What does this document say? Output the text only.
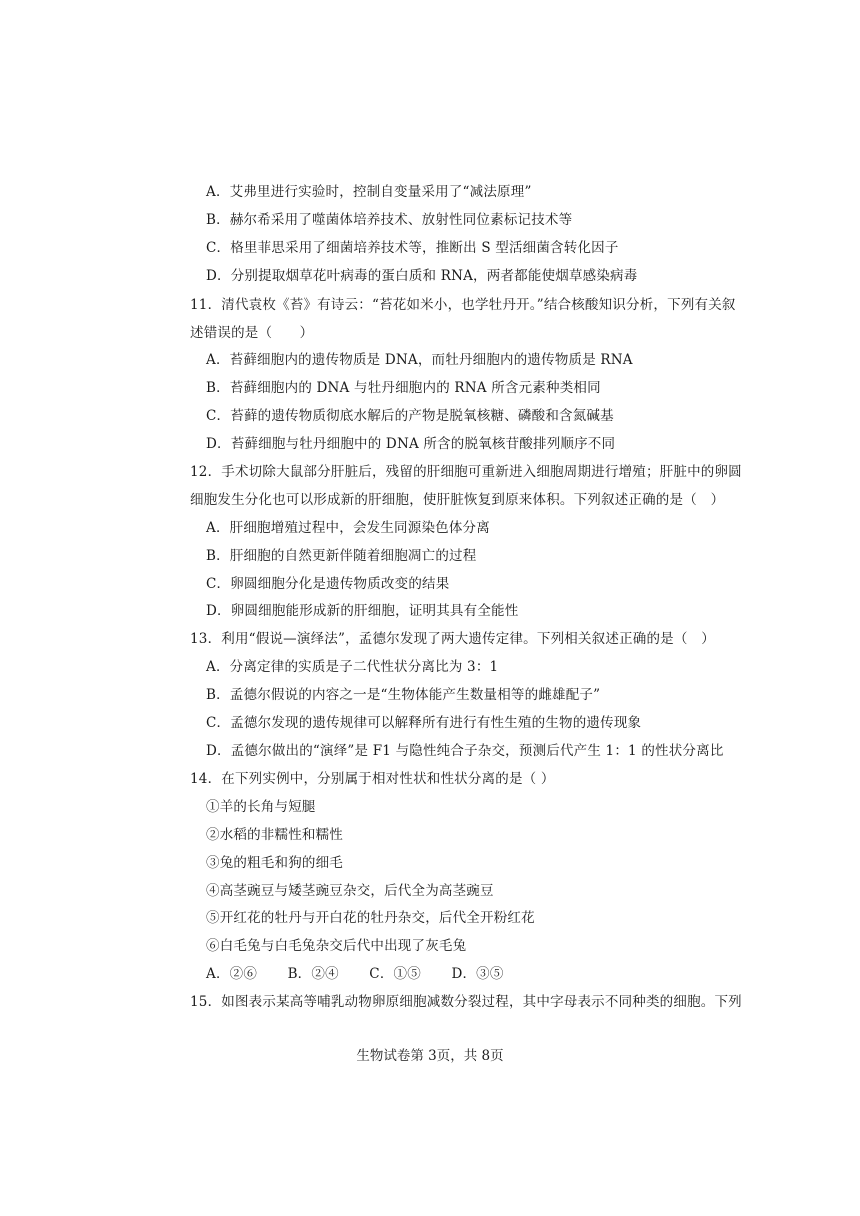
A．艾弗里进行实验时，控制自变量采用了“减法原理”
B．赫尔希采用了噬菌体培养技术、放射性同位素标记技术等
C．格里菲思采用了细菌培养技术等，推断出 S 型活细菌含转化因子
D．分别提取烟草花叶病毒的蛋白质和 RNA，两者都能使烟草感染病毒
11．清代袁枚《苔》有诗云：“苔花如米小，也学牡丹开。”结合核酸知识分析，下列有关叙
述错误的是（　　）
A．苔藓细胞内的遗传物质是 DNA，而牡丹细胞内的遗传物质是 RNA
B．苔藓细胞内的 DNA 与牡丹细胞内的 RNA 所含元素种类相同
C．苔藓的遗传物质彻底水解后的产物是脱氧核糖、磷酸和含氮碱基
D．苔藓细胞与牡丹细胞中的 DNA 所含的脱氧核苷酸排列顺序不同
12．手术切除大鼠部分肝脏后，残留的肝细胞可重新进入细胞周期进行增殖；肝脏中的卵圆
细胞发生分化也可以形成新的肝细胞，使肝脏恢复到原来体积。下列叙述正确的是（　）
A．肝细胞增殖过程中，会发生同源染色体分离
B．肝细胞的自然更新伴随着细胞凋亡的过程
C．卵圆细胞分化是遗传物质改变的结果
D．卵圆细胞能形成新的肝细胞，证明其具有全能性
13．利用“假说—演绎法”，孟德尔发现了两大遗传定律。下列相关叙述正确的是（　）
A．分离定律的实质是子二代性状分离比为 3：1
B．孟德尔假说的内容之一是“生物体能产生数量相等的雌雄配子”
C．孟德尔发现的遗传规律可以解释所有进行有性生殖的生物的遗传现象
D．孟德尔做出的“演绎”是 F1 与隐性纯合子杂交，预测后代产生 1：1 的性状分离比
14．在下列实例中，分别属于相对性状和性状分离的是（ ）
①羊的长角与短腿
②水稻的非糯性和糯性
③兔的粗毛和狗的细毛
④高茎豌豆与矮茎豌豆杂交，后代全为高茎豌豆
⑤开红花的牡丹与开白花的牡丹杂交，后代全开粉红花
⑥白毛兔与白毛兔杂交后代中出现了灰毛兔
A．②⑥ B．②④ C．①⑤ D．③⑤
15．如图表示某高等哺乳动物卵原细胞减数分裂过程，其中字母表示不同种类的细胞。下列
生物试卷第 3页，共 8页
